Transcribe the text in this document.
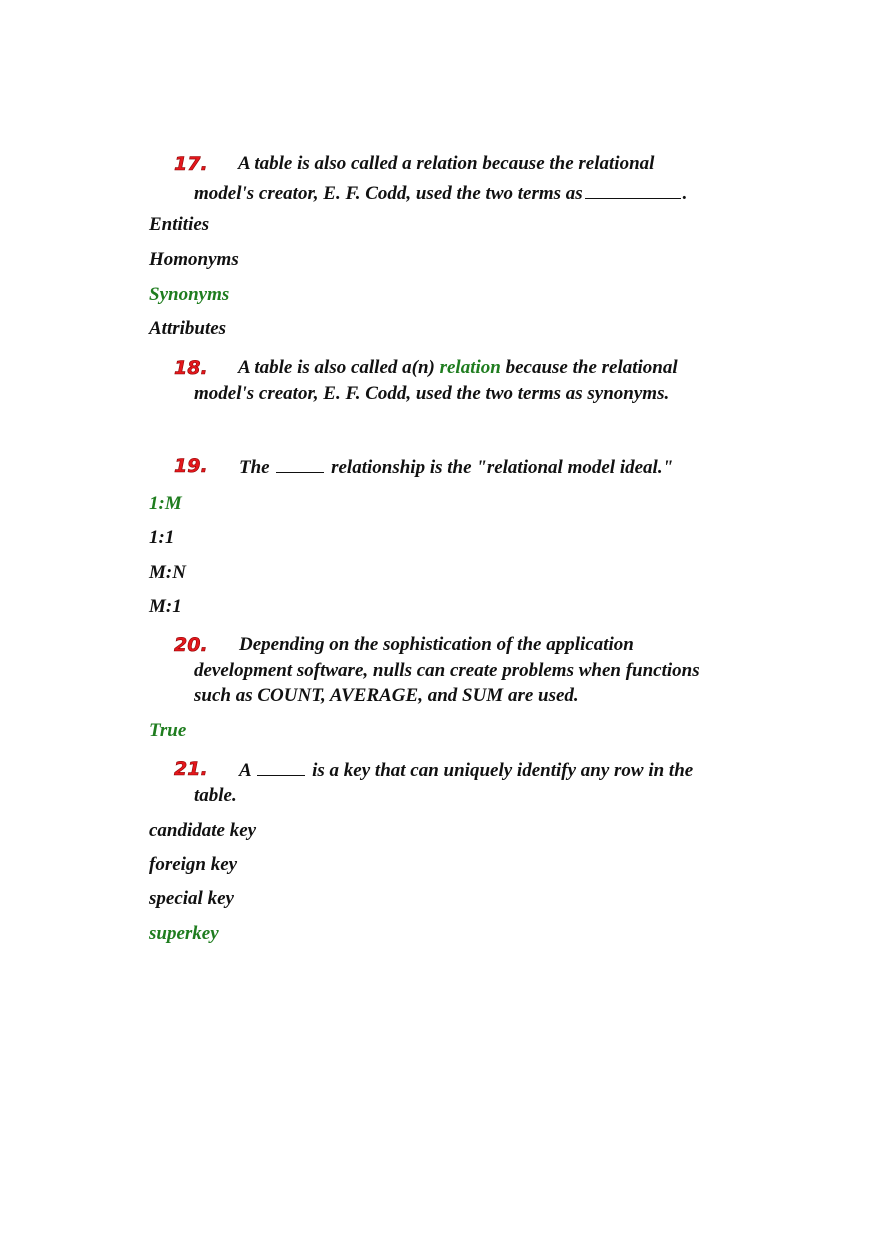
17. A table is also called a relation because the relational
model's creator, E. F. Codd, used the two terms as	.
Entities
Homonyms
Synonyms
Attributes
18. A table is also called a(n) relation because the relational
model's creator, E. F. Codd, used the two terms as synonyms.
19. The	relationship is the "relational model ideal."
1:M
1:1
M:N
M:1
20. Depending on the sophistication of the application
development software, nulls can create problems when functions
such as COUNT, AVERAGE, and SUM are used.
True
21. A	is a key that can uniquely identify any row in the
table.
candidate key
foreign key
special key
superkey
